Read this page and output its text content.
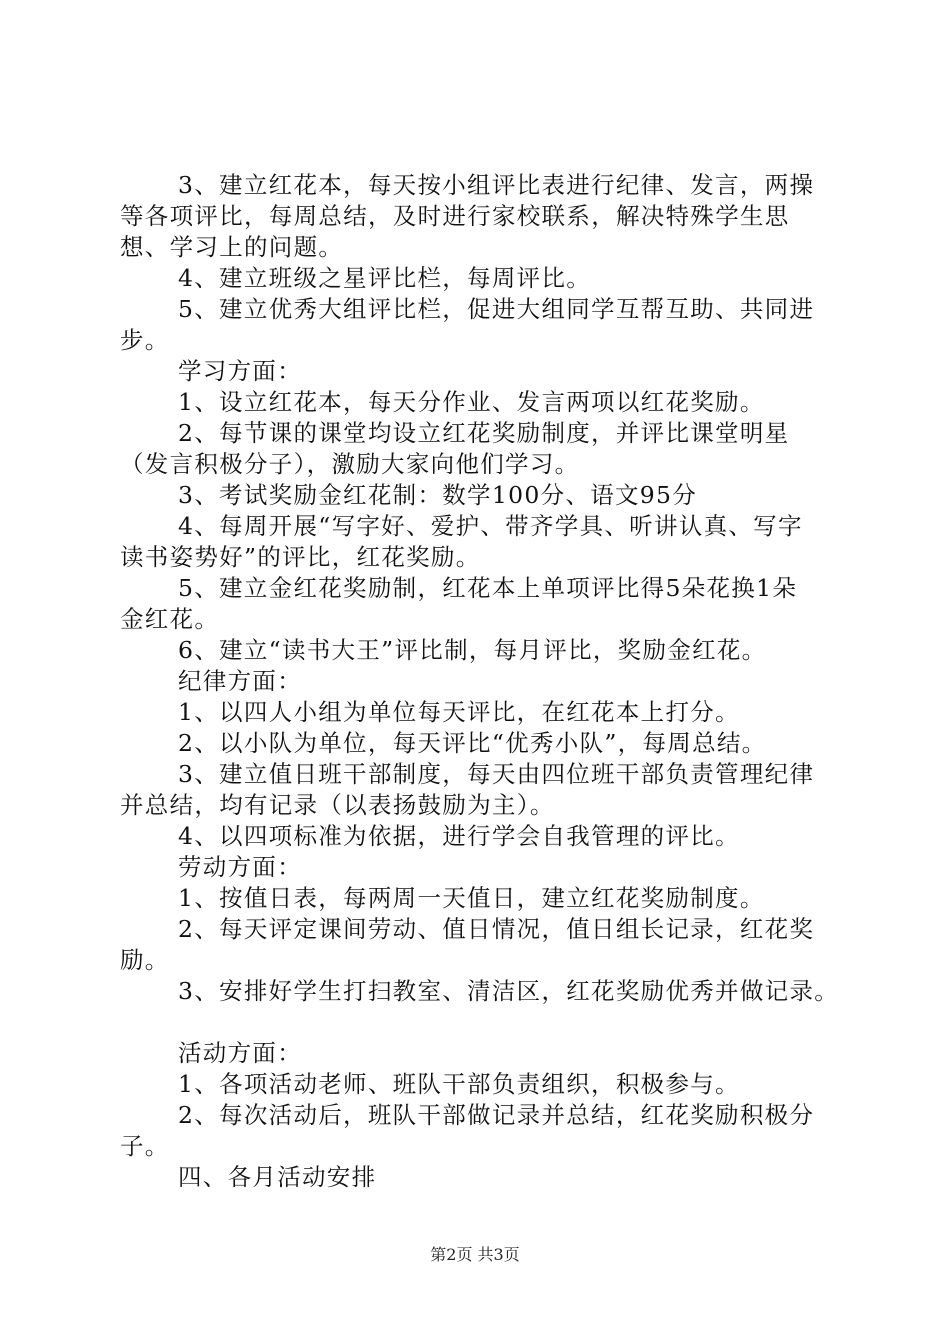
3、建立红花本，每天按小组评比表进行纪律、发言，两操
等各项评比，每周总结，及时进行家校联系，解决特殊学生思
想、学习上的问题。
4、建立班级之星评比栏，每周评比。
5、建立优秀大组评比栏，促进大组同学互帮互助、共同进
步。
学习方面：
1、设立红花本，每天分作业、发言两项以红花奖励。
2、每节课的课堂均设立红花奖励制度，并评比课堂明星
（发言积极分子），激励大家向他们学习。
3、考试奖励金红花制：数学100分、语文95分
4、每周开展“写字好、爱护、带齐学具、听讲认真、写字
读书姿势好”的评比，红花奖励。
5、建立金红花奖励制，红花本上单项评比得5朵花换1朵
金红花。
6、建立“读书大王”评比制，每月评比，奖励金红花。
纪律方面：
1、以四人小组为单位每天评比，在红花本上打分。
2、以小队为单位，每天评比“优秀小队”，每周总结。
3、建立值日班干部制度，每天由四位班干部负责管理纪律
并总结，均有记录（以表扬鼓励为主）。
4、以四项标准为依据，进行学会自我管理的评比。
劳动方面：
1、按值日表，每两周一天值日，建立红花奖励制度。
2、每天评定课间劳动、值日情况，值日组长记录，红花奖
励。
3、安排好学生打扫教室、清洁区，红花奖励优秀并做记录。
活动方面：
1、各项活动老师、班队干部负责组织，积极参与。
2、每次活动后，班队干部做记录并总结，红花奖励积极分
子。
四、各月活动安排
第2页 共3页
